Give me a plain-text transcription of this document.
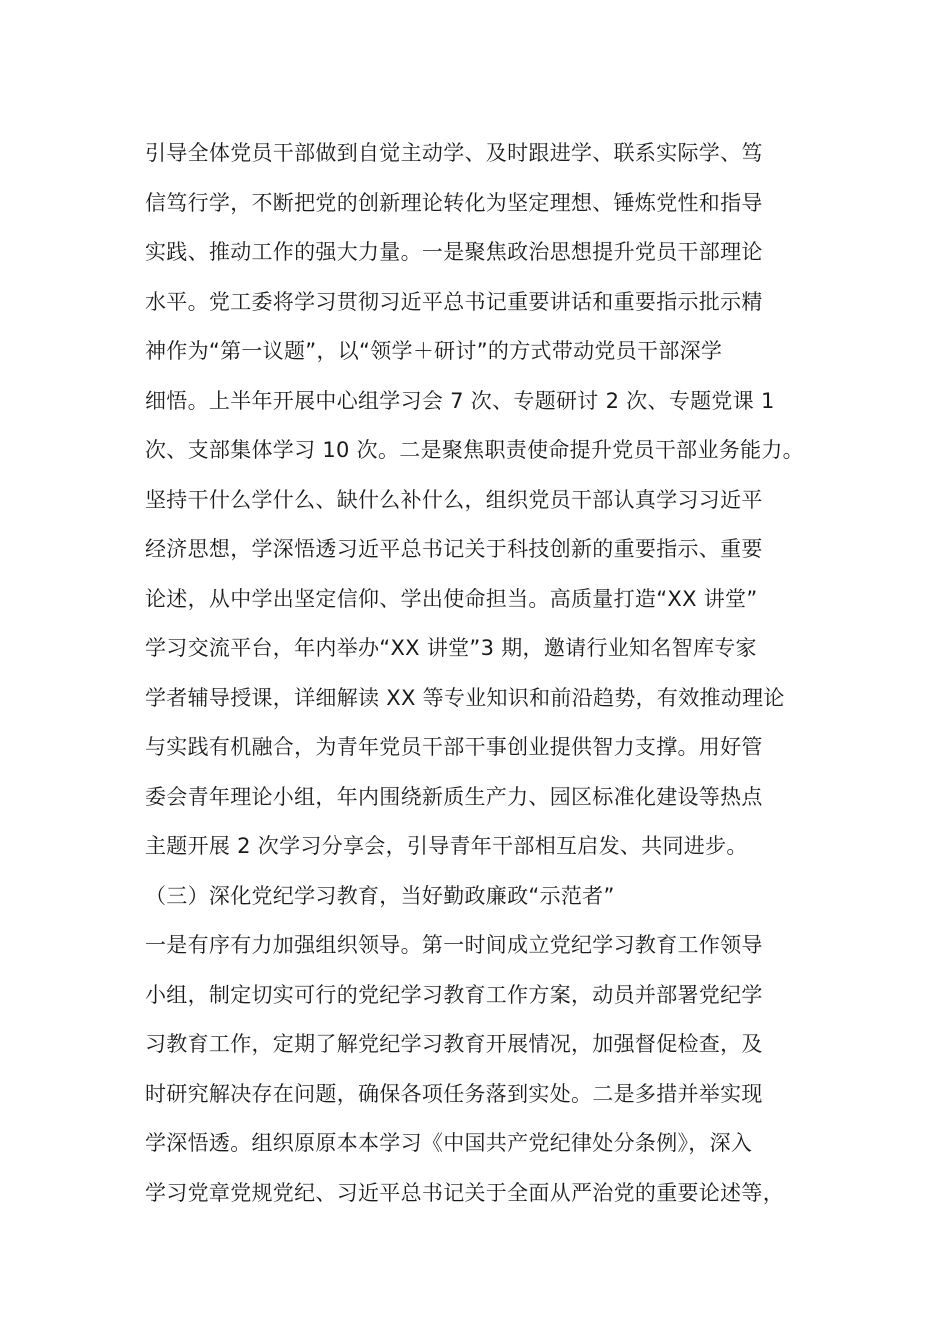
引导全体党员干部做到自觉主动学、及时跟进学、联系实际学、笃
信笃行学，不断把党的创新理论转化为坚定理想、锤炼党性和指导
实践、推动工作的强大力量。一是聚焦政治思想提升党员干部理论
水平。党工委将学习贯彻习近平总书记重要讲话和重要指示批示精
神作为“第一议题”，以“领学＋研讨”的方式带动党员干部深学
细悟。上半年开展中心组学习会 7 次、专题研讨 2 次、专题党课 1
次、支部集体学习 10 次。二是聚焦职责使命提升党员干部业务能力。
坚持干什么学什么、缺什么补什么，组织党员干部认真学习习近平
经济思想，学深悟透习近平总书记关于科技创新的重要指示、重要
论述，从中学出坚定信仰、学出使命担当。高质量打造“XX 讲堂”
学习交流平台，年内举办“XX 讲堂”3 期，邀请行业知名智库专家
学者辅导授课，详细解读 XX 等专业知识和前沿趋势，有效推动理论
与实践有机融合，为青年党员干部干事创业提供智力支撑。用好管
委会青年理论小组，年内围绕新质生产力、园区标准化建设等热点
主题开展 2 次学习分享会，引导青年干部相互启发、共同进步。
（三）深化党纪学习教育，当好勤政廉政“示范者”
一是有序有力加强组织领导。第一时间成立党纪学习教育工作领导
小组，制定切实可行的党纪学习教育工作方案，动员并部署党纪学
习教育工作，定期了解党纪学习教育开展情况，加强督促检查，及
时研究解决存在问题，确保各项任务落到实处。二是多措并举实现
学深悟透。组织原原本本学习《中国共产党纪律处分条例》，深入
学习党章党规党纪、习近平总书记关于全面从严治党的重要论述等，
